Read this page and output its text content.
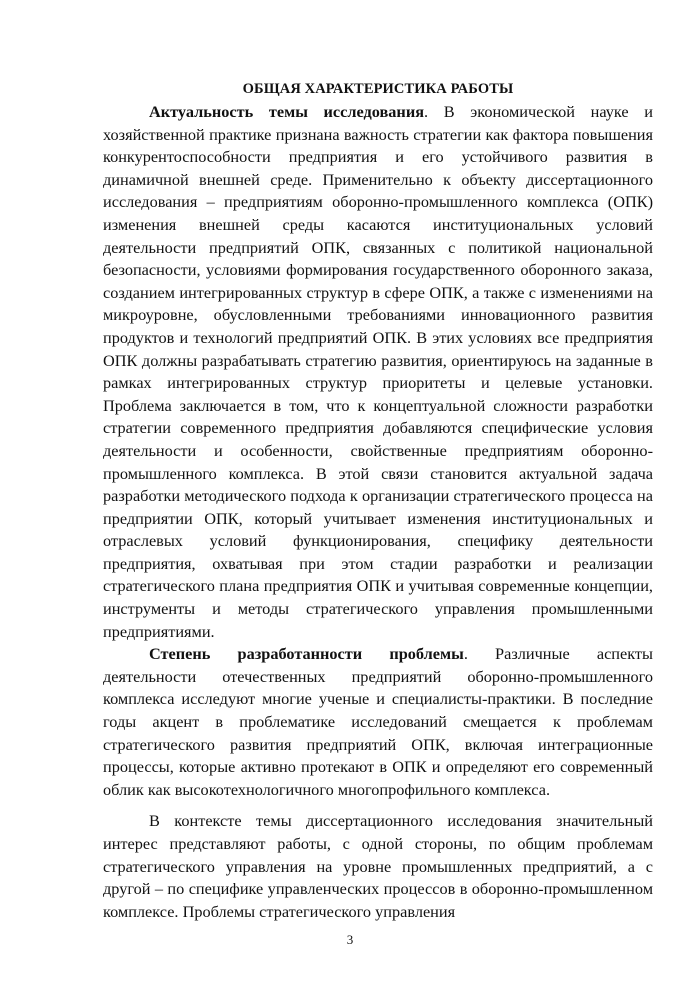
ОБЩАЯ ХАРАКТЕРИСТИКА РАБОТЫ

Актуальность темы исследования. В экономической науке и хозяйственной практике признана важность стратегии как фактора повышения конкурентоспособности предприятия и его устойчивого развития в динамичной внешней среде. Применительно к объекту диссертационного исследования – предприятиям оборонно-промышленного комплекса (ОПК) изменения внешней среды касаются институциональных условий деятельности предприятий ОПК, связанных с политикой национальной безопасности, условиями формирования государственного оборонного заказа, созданием интегрированных структур в сфере ОПК, а также с изменениями на микроуровне, обусловленными требованиями инновационного развития продуктов и технологий предприятий ОПК. В этих условиях все предприятия ОПК должны разрабатывать стратегию развития, ориентируюсь на заданные в рамках интегрированных структур приоритеты и целевые установки. Проблема заключается в том, что к концептуальной сложности разработки стратегии современного предприятия добавляются специфические условия деятельности и особенности, свойственные предприятиям оборонно-промышленного комплекса. В этой связи становится актуальной задача разработки методического подхода к организации стратегического процесса на предприятии ОПК, который учитывает изменения институциональных и отраслевых условий функционирования, специфику деятельности предприятия, охватывая при этом стадии разработки и реализации стратегического плана предприятия ОПК и учитывая современные концепции, инструменты и методы стратегического управления промышленными предприятиями.

Степень разработанности проблемы. Различные аспекты деятельности отечественных предприятий оборонно-промышленного комплекса исследуют многие ученые и специалисты-практики. В последние годы акцент в проблематике исследований смещается к проблемам стратегического развития предприятий ОПК, включая интеграционные процессы, которые активно протекают в ОПК и определяют его современный облик как высокотехнологичного многопрофильного комплекса.

В контексте темы диссертационного исследования значительный интерес представляют работы, с одной стороны, по общим проблемам стратегического управления на уровне промышленных предприятий, а с другой – по специфике управленческих процессов в оборонно-промышленном комплексе. Проблемы стратегического управления

3
